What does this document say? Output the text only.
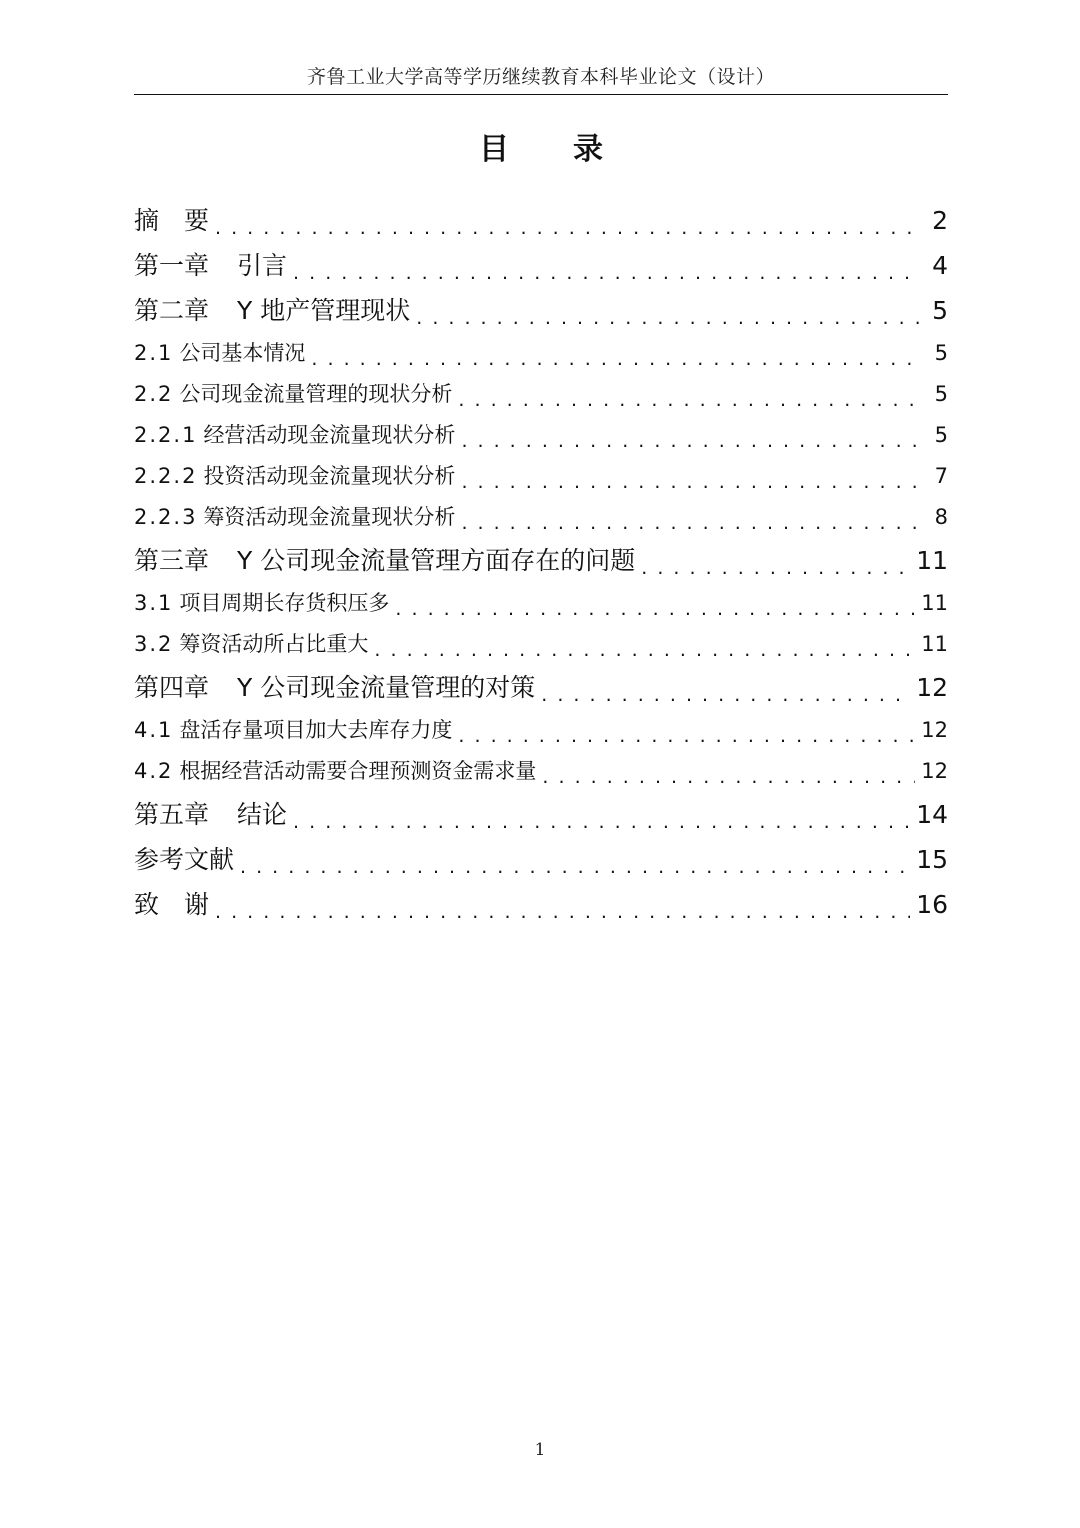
齐鲁工业大学高等学历继续教育本科毕业论文（设计）
目 录
摘　要 . . .	2
第一章 引言 . . .	4
第二章 Y 地产管理现状 . . .	5
2.1 公司基本情况 . . .	5
2.2 公司现金流量管理的现状分析 . . .	5
2.2.1 经营活动现金流量现状分析 . . .	5
2.2.2 投资活动现金流量现状分析 . . .	7
2.2.3 筹资活动现金流量现状分析 . . .	8
第三章 Y 公司现金流量管理方面存在的问题 . . .	11
3.1 项目周期长存货积压多 . . .	11
3.2 筹资活动所占比重大 . . .	11
第四章 Y 公司现金流量管理的对策 . . .	12
4.1 盘活存量项目加大去库存力度 . . .	12
4.2 根据经营活动需要合理预测资金需求量 . . .	12
第五章 结论 . . .	14
参考文献 . . .	15
致　谢 . . .	16
1
